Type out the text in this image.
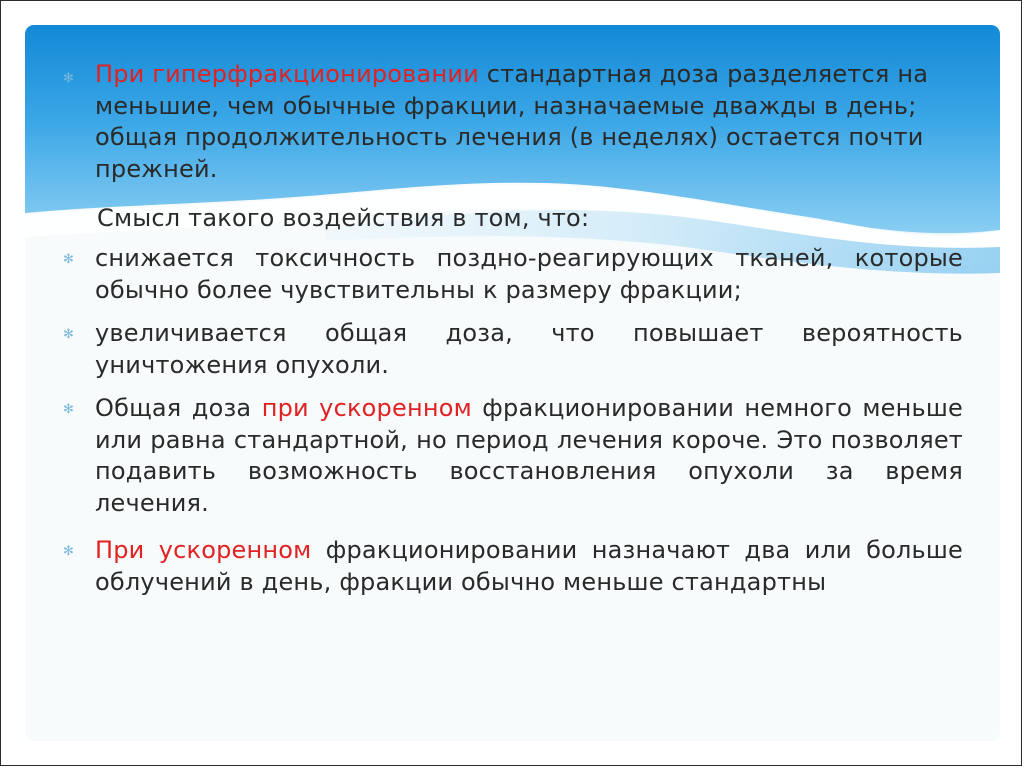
✻ При гиперфракционировании стандартная доза разделяется на меньшие, чем обычные фракции, назначаемые дважды в день; общая продолжительность лечения (в неделях) остается почти прежней.

Смысл такого воздействия в том, что:

✻ снижается токсичность поздно-реагирующих тканей, которые обычно более чувствительны к размеру фракции;

✻ увеличивается общая доза, что повышает вероятность уничтожения опухоли.

✻ Общая доза при ускоренном фракционировании немного меньше или равна стандартной, но период лечения короче. Это позволяет подавить возможность восстановления опухоли за время лечения.

✻ При ускоренном фракционировании назначают два или больше облучений в день, фракции обычно меньше стандартны
